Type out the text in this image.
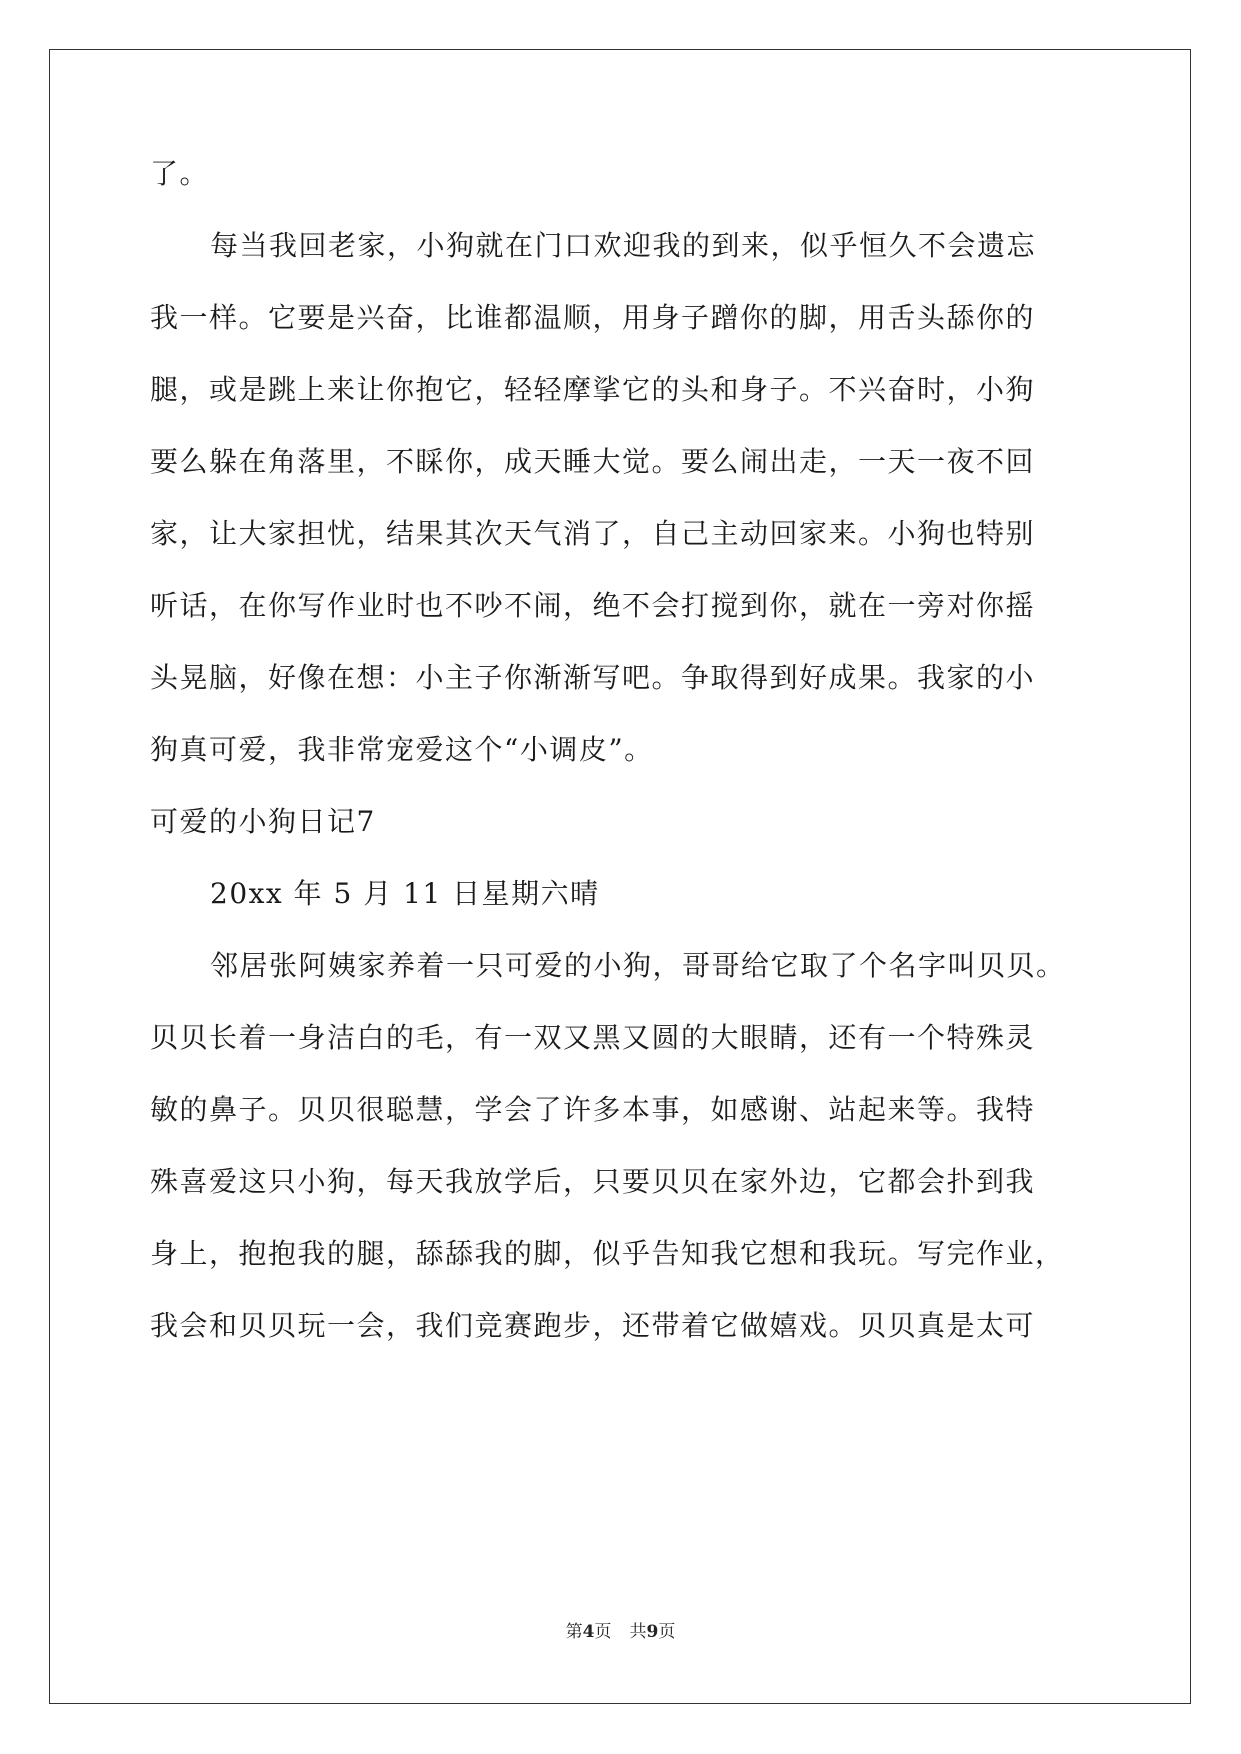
了。
每当我回老家，小狗就在门口欢迎我的到来，似乎恒久不会遗忘
我一样。它要是兴奋，比谁都温顺，用身子蹭你的脚，用舌头舔你的
腿，或是跳上来让你抱它，轻轻摩挲它的头和身子。不兴奋时，小狗
要么躲在角落里，不睬你，成天睡大觉。要么闹出走，一天一夜不回
家，让大家担忧，结果其次天气消了，自己主动回家来。小狗也特别
听话，在你写作业时也不吵不闹，绝不会打搅到你，就在一旁对你摇
头晃脑，好像在想：小主子你渐渐写吧。争取得到好成果。我家的小
狗真可爱，我非常宠爱这个“小调皮”。
可爱的小狗日记7
20xx 年 5 月 11 日星期六晴
邻居张阿姨家养着一只可爱的小狗，哥哥给它取了个名字叫贝贝。
贝贝长着一身洁白的毛，有一双又黑又圆的大眼睛，还有一个特殊灵
敏的鼻子。贝贝很聪慧，学会了许多本事，如感谢、站起来等。我特
殊喜爱这只小狗，每天我放学后，只要贝贝在家外边，它都会扑到我
身上，抱抱我的腿，舔舔我的脚，似乎告知我它想和我玩。写完作业，
我会和贝贝玩一会，我们竞赛跑步，还带着它做嬉戏。贝贝真是太可
第4页 共9页
